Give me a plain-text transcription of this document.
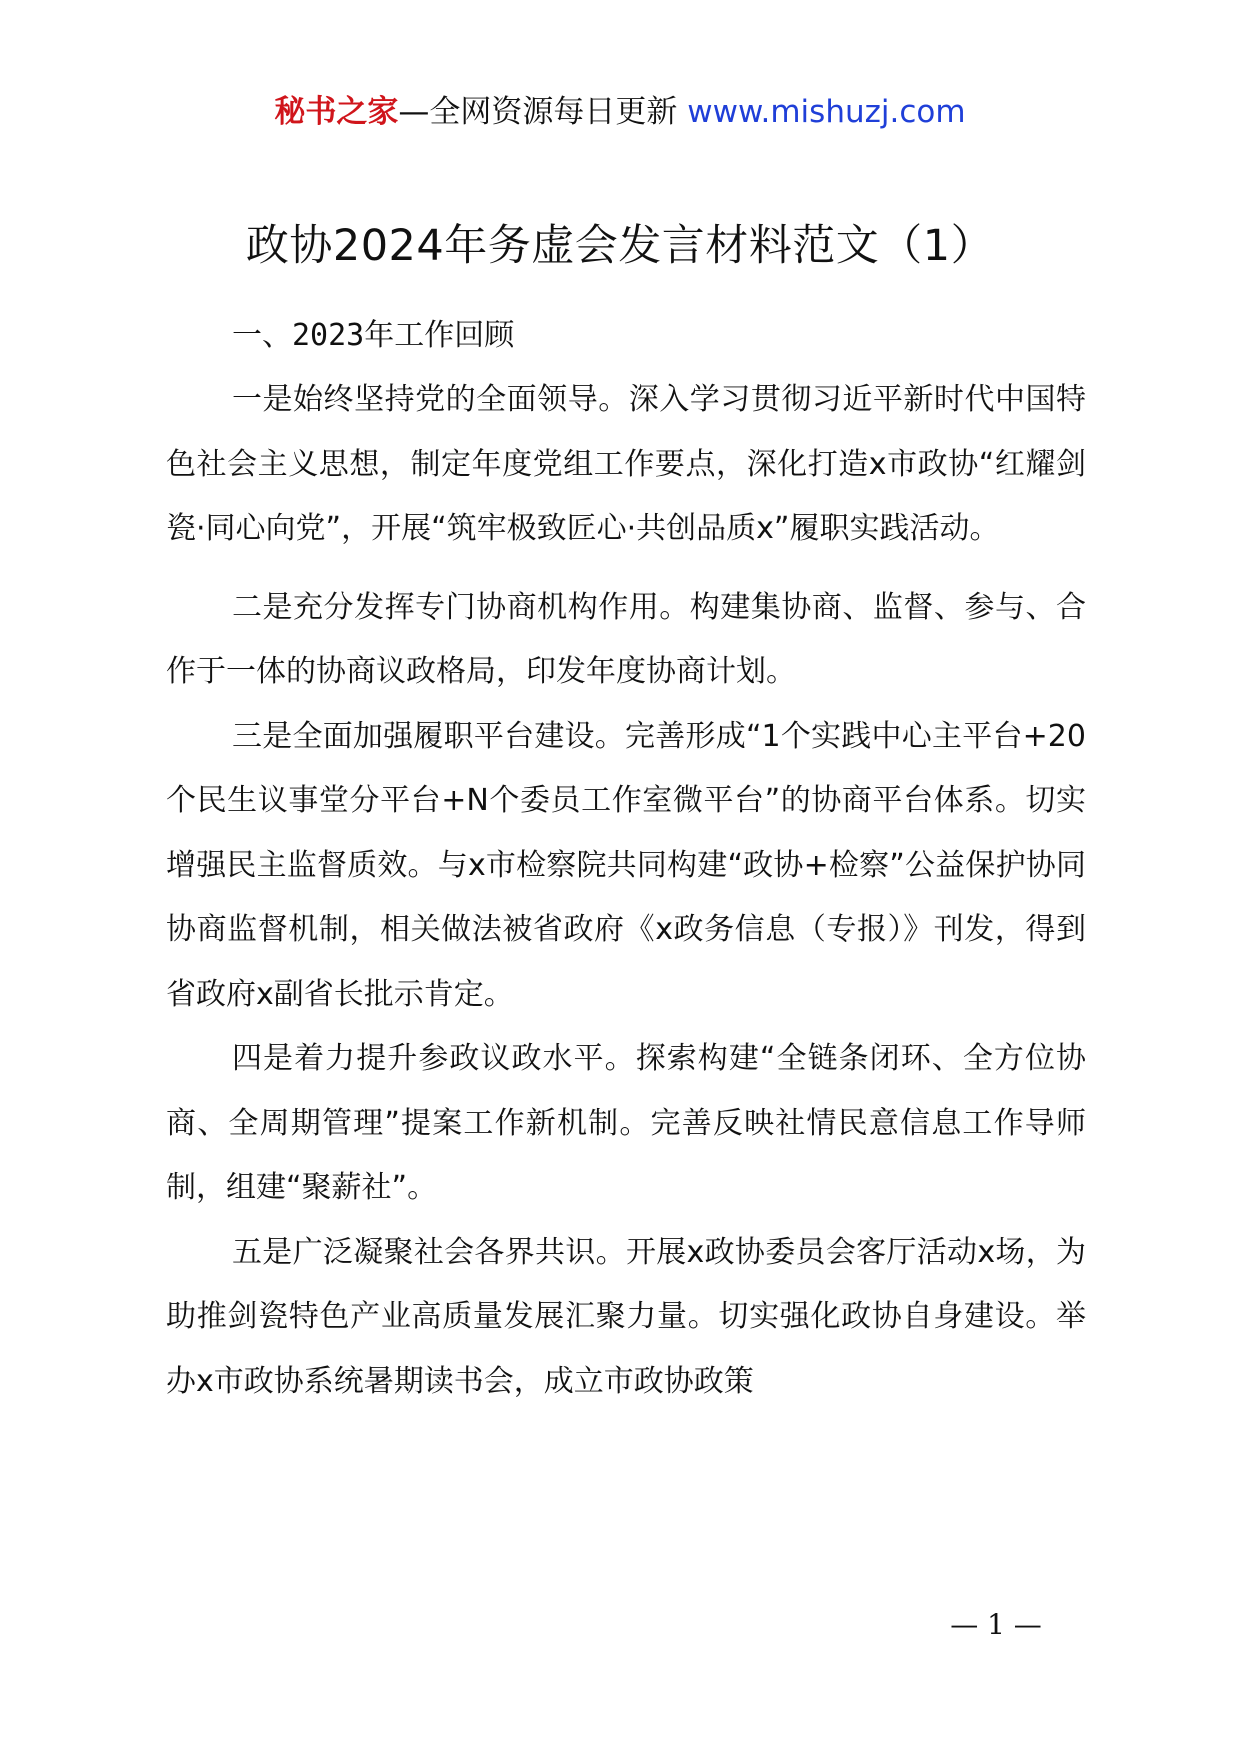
秘书之家—全网资源每日更新 www.mishuzj.com
政协2024年务虚会发言材料范文（1）

一、2023年工作回顾

一是始终坚持党的全面领导。深入学习贯彻习近平新时代中国特色社会主义思想，制定年度党组工作要点，深化打造x市政协“红耀剑瓷·同心向党”，开展“筑牢极致匠心·共创品质x”履职实践活动。

二是充分发挥专门协商机构作用。构建集协商、监督、参与、合作于一体的协商议政格局，印发年度协商计划。

三是全面加强履职平台建设。完善形成“1个实践中心主平台+20个民生议事堂分平台+N个委员工作室微平台”的协商平台体系。切实增强民主监督质效。与x市检察院共同构建“政协+检察”公益保护协同协商监督机制，相关做法被省政府《x政务信息（专报）》刊发，得到省政府x副省长批示肯定。

四是着力提升参政议政水平。探索构建“全链条闭环、全方位协商、全周期管理”提案工作新机制。完善反映社情民意信息工作导师制，组建“聚薪社”。

五是广泛凝聚社会各界共识。开展x政协委员会客厅活动x场，为助推剑瓷特色产业高质量发展汇聚力量。切实强化政协自身建设。举办x市政协系统暑期读书会，成立市政协政策

— 1 —
